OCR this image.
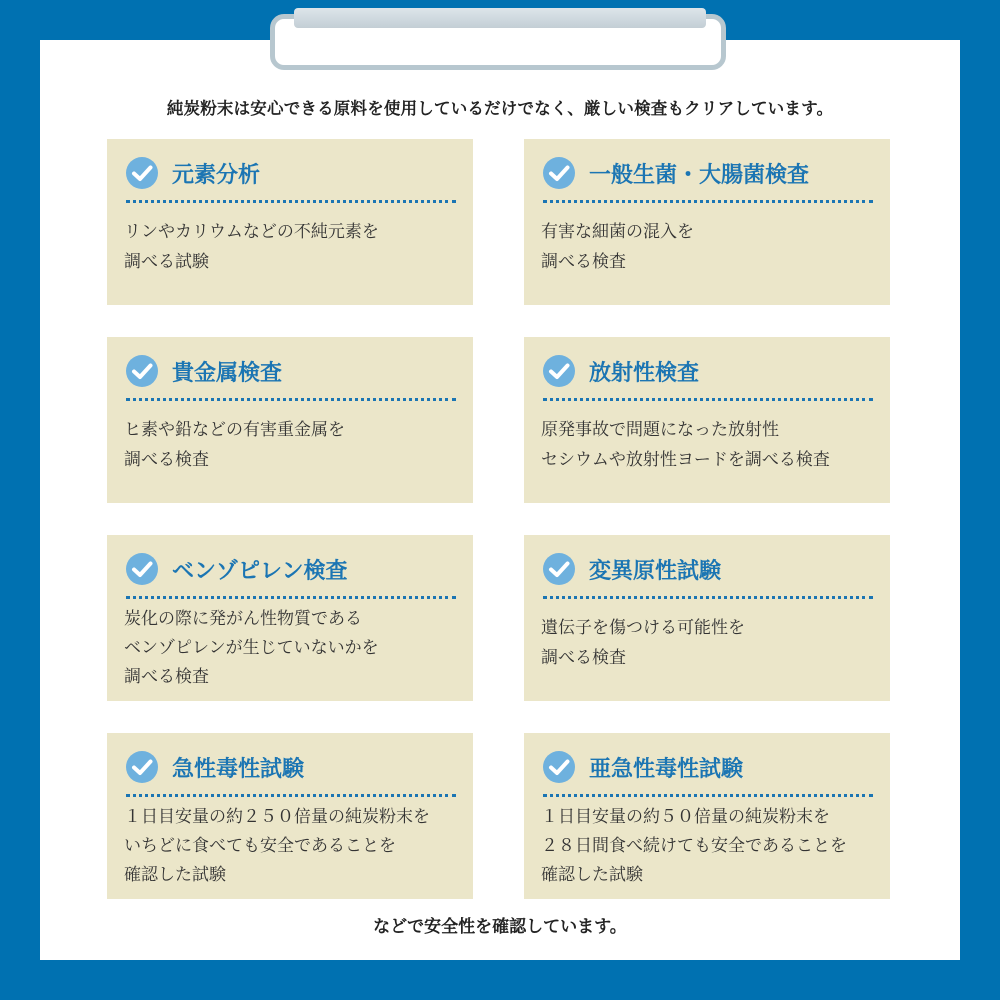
純炭粉末は安心できる原料を使用しているだけでなく、厳しい検査もクリアしています。
元素分析
リンやカリウムなどの不純元素を
調べる試験
一般生菌・大腸菌検査
有害な細菌の混入を
調べる検査
貴金属検査
ヒ素や鉛などの有害重金属を
調べる検査
放射性検査
原発事故で問題になった放射性
セシウムや放射性ヨードを調べる検査
ベンゾピレン検査
炭化の際に発がん性物質である
ベンゾピレンが生じていないかを
調べる検査
変異原性試験
遺伝子を傷つける可能性を
調べる検査
急性毒性試験
１日目安量の約２５０倍量の純炭粉末を
いちどに食べても安全であることを
確認した試験
亜急性毒性試験
１日目安量の約５０倍量の純炭粉末を
２８日間食べ続けても安全であることを
確認した試験
などで安全性を確認しています。
